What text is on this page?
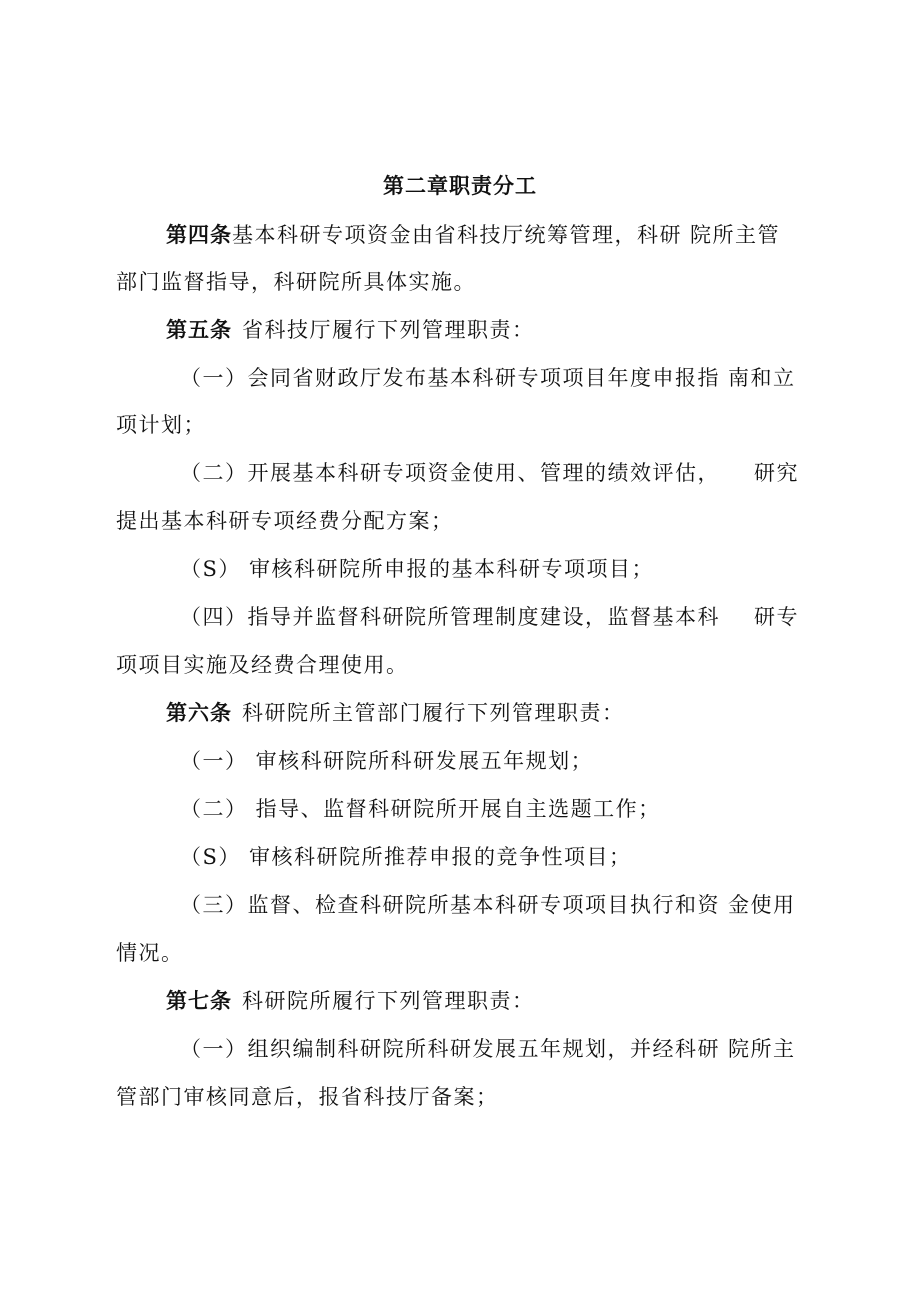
第二章职责分工
第四条基本科研专项资金由省科技厅统筹管理，科研 院所主管
部门监督指导，科研院所具体实施。
第五条 省科技厅履行下列管理职责：
（一）会同省财政厅发布基本科研专项项目年度申报指 南和立
项计划；
（二）开展基本科研专项资金使用、管理的绩效评估， 研究
提出基本科研专项经费分配方案；
（S） 审核科研院所申报的基本科研专项项目；
（四）指导并监督科研院所管理制度建设，监督基本科 研专
项项目实施及经费合理使用。
第六条 科研院所主管部门履行下列管理职责：
（一） 审核科研院所科研发展五年规划；
（二） 指导、监督科研院所开展自主选题工作；
（S） 审核科研院所推荐申报的竞争性项目；
（三）监督、检查科研院所基本科研专项项目执行和资 金使用
情况。
第七条 科研院所履行下列管理职责：
（一）组织编制科研院所科研发展五年规划，并经科研 院所主
管部门审核同意后，报省科技厅备案；
